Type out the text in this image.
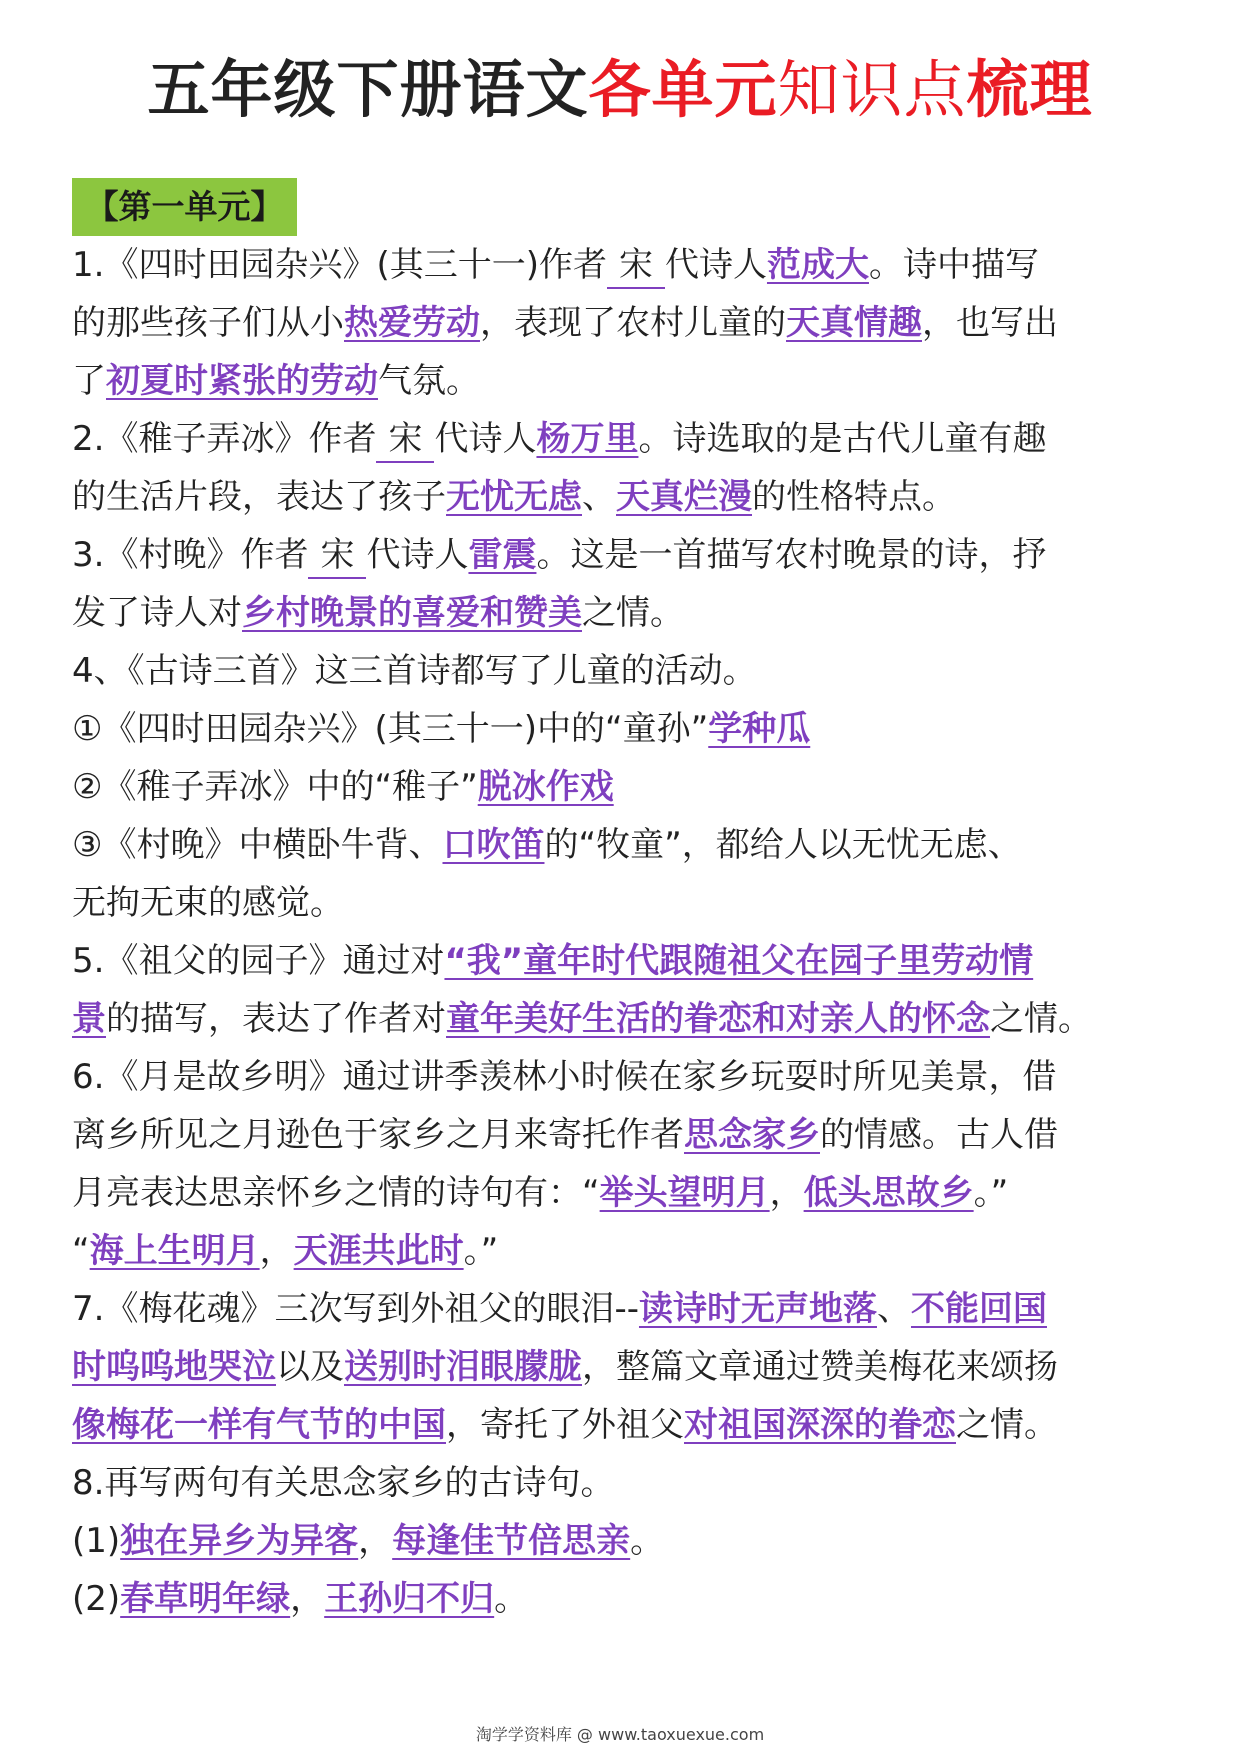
五年级下册语文各单元知识点梳理
【第一单元】

1.《四时田园杂兴》(其三十一)作者 宋 代诗人范成大。诗中描写

的那些孩子们从小热爱劳动，表现了农村儿童的天真情趣，也写出

了初夏时紧张的劳动气氛。

2.《稚子弄冰》作者 宋 代诗人杨万里。诗选取的是古代儿童有趣

的生活片段，表达了孩子无忧无虑、天真烂漫的性格特点。

3.《村晚》作者 宋 代诗人雷震。这是一首描写农村晚景的诗，抒

发了诗人对乡村晚景的喜爱和赞美之情。

4、《古诗三首》这三首诗都写了儿童的活动。

①《四时田园杂兴》(其三十一)中的“童孙”学种瓜

②《稚子弄冰》中的“稚子”脱冰作戏

③《村晚》中横卧牛背、口吹笛的“牧童”，都给人以无忧无虑、

无拘无束的感觉。

5.《祖父的园子》通过对“我”童年时代跟随祖父在园子里劳动情

景的描写，表达了作者对童年美好生活的眷恋和对亲人的怀念之情。

6.《月是故乡明》通过讲季羡林小时候在家乡玩耍时所见美景，借

离乡所见之月逊色于家乡之月来寄托作者思念家乡的情感。古人借

月亮表达思亲怀乡之情的诗句有：“举头望明月，低头思故乡。”

“海上生明月，天涯共此时。”

7.《梅花魂》三次写到外祖父的眼泪--读诗时无声地落、不能回国

时呜呜地哭泣以及送别时泪眼朦胧，整篇文章通过赞美梅花来颂扬

像梅花一样有气节的中国，寄托了外祖父对祖国深深的眷恋之情。

8.再写两句有关思念家乡的古诗句。

(1)独在异乡为异客，每逢佳节倍思亲。

(2)春草明年绿，王孙归不归。

淘学学资料库 @ www.taoxuexue.com
